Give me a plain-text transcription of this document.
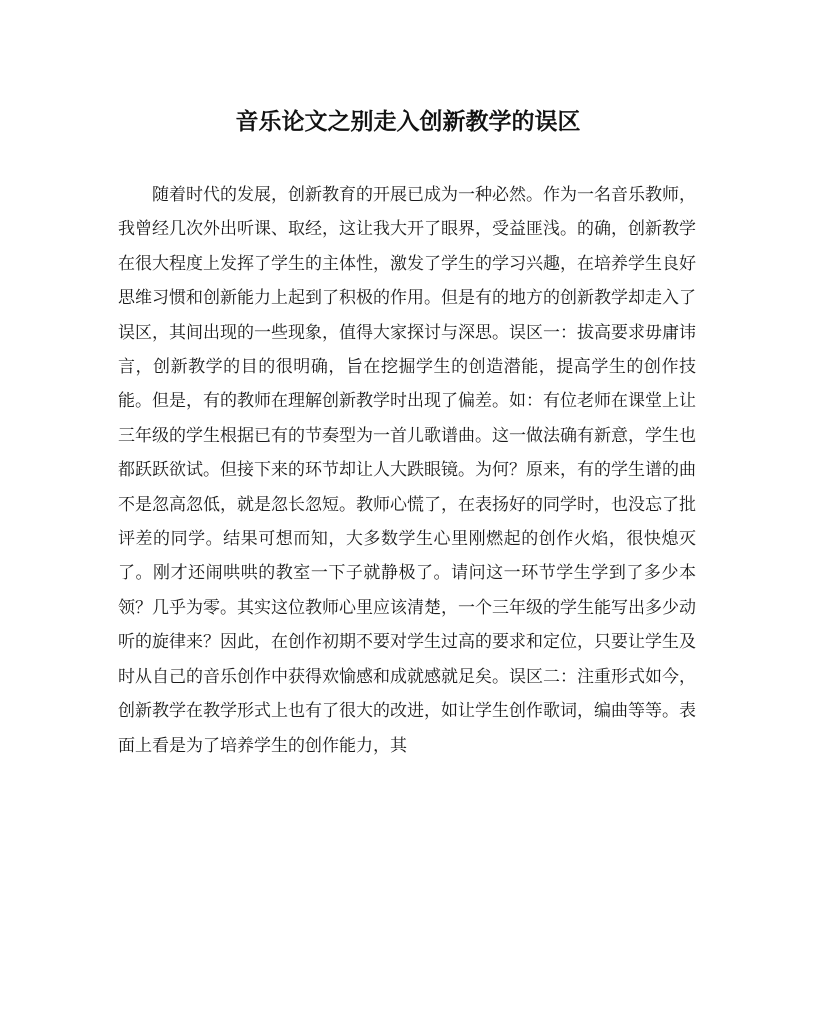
音乐论文之别走入创新教学的误区

随着时代的发展，创新教育的开展已成为一种必然。作为一名音乐教师，我曾经几次外出听课、取经，这让我大开了眼界，受益匪浅。的确，创新教学在很大程度上发挥了学生的主体性，激发了学生的学习兴趣，在培养学生良好思维习惯和创新能力上起到了积极的作用。但是有的地方的创新教学却走入了误区，其间出现的一些现象，值得大家探讨与深思。误区一：拔高要求毋庸讳言，创新教学的目的很明确，旨在挖掘学生的创造潜能，提高学生的创作技能。但是，有的教师在理解创新教学时出现了偏差。如：有位老师在课堂上让三年级的学生根据已有的节奏型为一首儿歌谱曲。这一做法确有新意，学生也都跃跃欲试。但接下来的环节却让人大跌眼镜。为何？原来，有的学生谱的曲不是忽高忽低，就是忽长忽短。教师心慌了，在表扬好的同学时，也没忘了批评差的同学。结果可想而知，大多数学生心里刚燃起的创作火焰，很快熄灭了。刚才还闹哄哄的教室一下子就静极了。请问这一环节学生学到了多少本领？几乎为零。其实这位教师心里应该清楚，一个三年级的学生能写出多少动听的旋律来？因此，在创作初期不要对学生过高的要求和定位，只要让学生及时从自己的音乐创作中获得欢愉感和成就感就足矣。误区二：注重形式如今，创新教学在教学形式上也有了很大的改进，如让学生创作歌词，编曲等等。表面上看是为了培养学生的创作能力，其
